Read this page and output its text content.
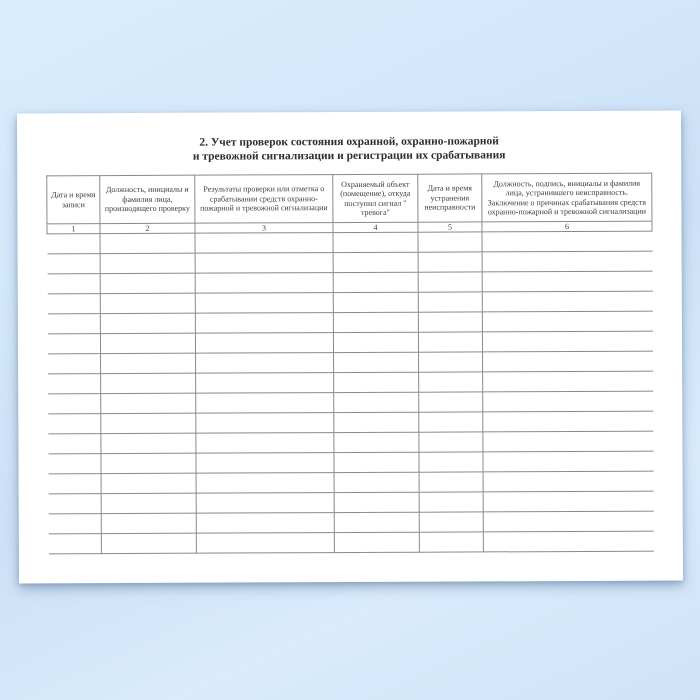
2. Учет проверок состояния охранной, охранно-пожарной
и тревожной сигнализации и регистрации их срабатывания
Дата и время записи	Должность, инициалы и фамилия лица, производящего проверку	Результаты проверки или отметка о срабатывании средств охранно-пожарной и тревожной сигнализации	Охраняемый объект (помещение), откуда поступил сигнал " тревога"	Дата и время устранения неисправности	Должность, подпись, инициалы и фамилия лица, устранившего неисправность. Заключение о причинах срабатывания средств охранно-пожарной и тревожной сигнализации
1	2	3	4	5	6
